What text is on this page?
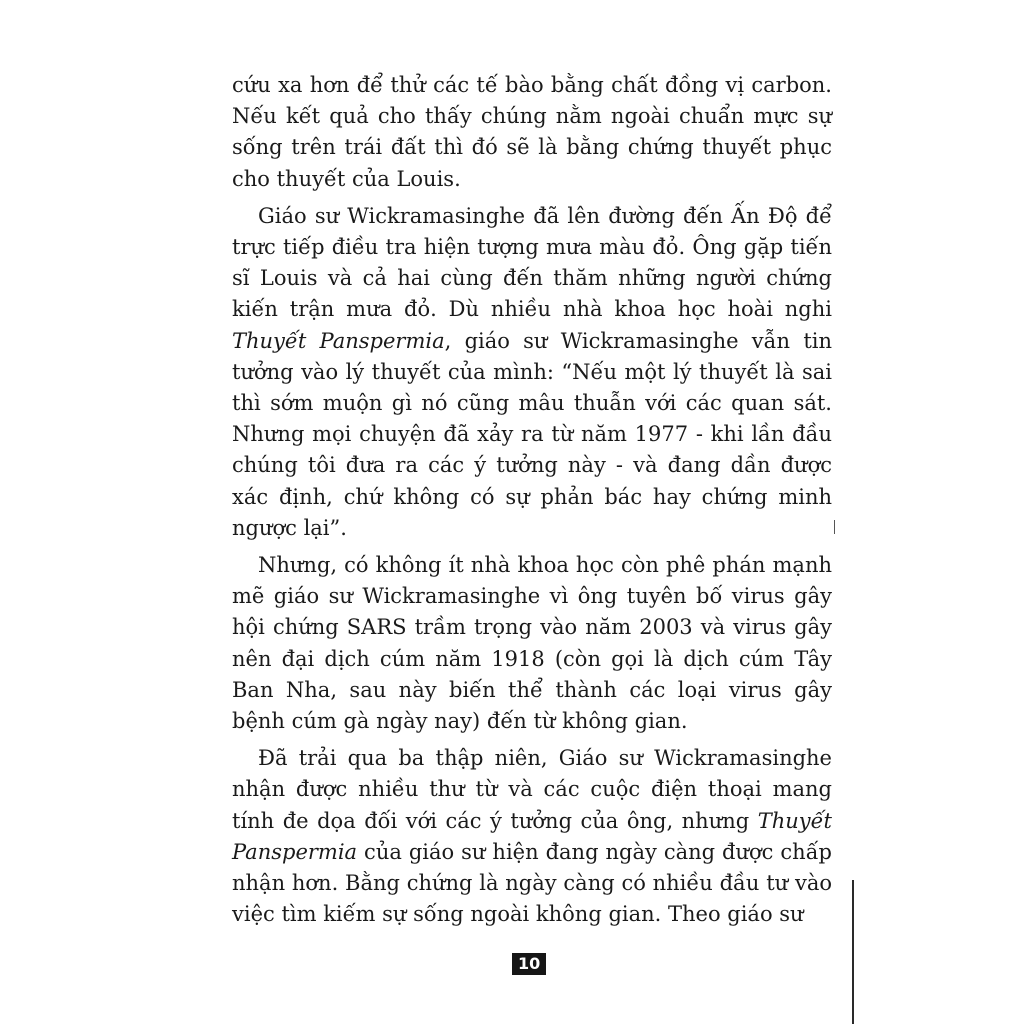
cứu xa hơn để thử các tế bào bằng chất đồng vị carbon. Nếu kết quả cho thấy chúng nằm ngoài chuẩn mực sự sống trên trái đất thì đó sẽ là bằng chứng thuyết phục cho thuyết của Louis.

Giáo sư Wickramasinghe đã lên đường đến Ấn Độ để trực tiếp điều tra hiện tượng mưa màu đỏ. Ông gặp tiến sĩ Louis và cả hai cùng đến thăm những người chứng kiến trận mưa đỏ. Dù nhiều nhà khoa học hoài nghi Thuyết Panspermia, giáo sư Wickramasinghe vẫn tin tưởng vào lý thuyết của mình: “Nếu một lý thuyết là sai thì sớm muộn gì nó cũng mâu thuẫn với các quan sát. Nhưng mọi chuyện đã xảy ra từ năm 1977 - khi lần đầu chúng tôi đưa ra các ý tưởng này - và đang dần được xác định, chứ không có sự phản bác hay chứng minh ngược lại”.

Nhưng, có không ít nhà khoa học còn phê phán mạnh mẽ giáo sư Wickramasinghe vì ông tuyên bố virus gây hội chứng SARS trầm trọng vào năm 2003 và virus gây nên đại dịch cúm năm 1918 (còn gọi là dịch cúm Tây Ban Nha, sau này biến thể thành các loại virus gây bệnh cúm gà ngày nay) đến từ không gian.

Đã trải qua ba thập niên, Giáo sư Wickramasinghe nhận được nhiều thư từ và các cuộc điện thoại mang tính đe dọa đối với các ý tưởng của ông, nhưng Thuyết Panspermia của giáo sư hiện đang ngày càng được chấp nhận hơn. Bằng chứng là ngày càng có nhiều đầu tư vào việc tìm kiếm sự sống ngoài không gian. Theo giáo sư

10
